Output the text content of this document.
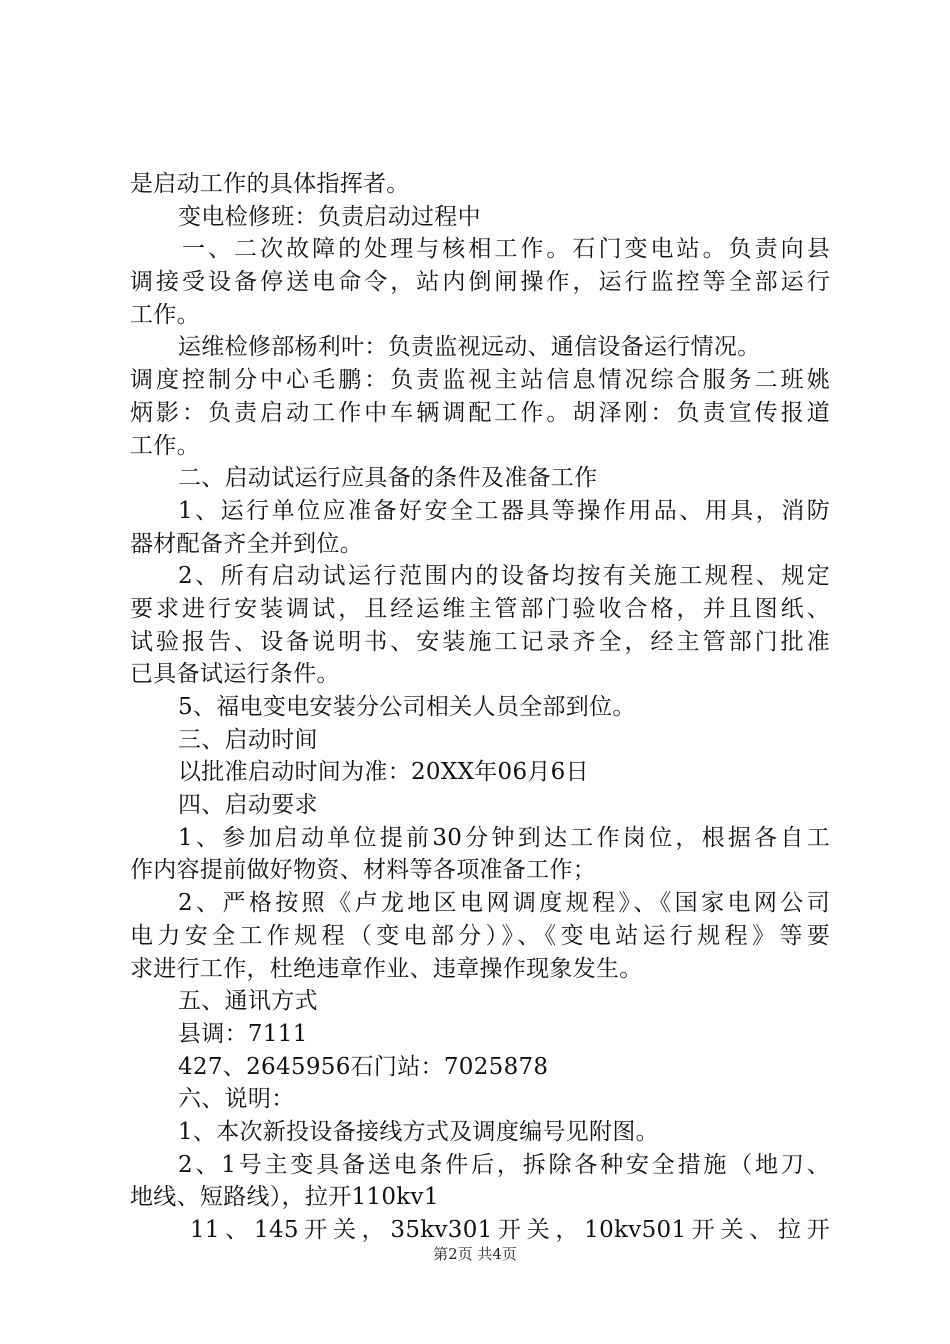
是启动工作的具体指挥者。
变电检修班：负责启动过程中
一、二次故障的处理与核相工作。石门变电站。负责向县
调接受设备停送电命令，站内倒闸操作，运行监控等全部运行
工作。
运维检修部杨利叶：负责监视远动、通信设备运行情况。
调度控制分中心毛鹏：负责监视主站信息情况综合服务二班姚
炳影：负责启动工作中车辆调配工作。胡泽刚：负责宣传报道
工作。
二、启动试运行应具备的条件及准备工作
1、运行单位应准备好安全工器具等操作用品、用具，消防
器材配备齐全并到位。
2、所有启动试运行范围内的设备均按有关施工规程、规定
要求进行安装调试，且经运维主管部门验收合格，并且图纸、
试验报告、设备说明书、安装施工记录齐全，经主管部门批准
已具备试运行条件。
5、福电变电安装分公司相关人员全部到位。
三、启动时间
以批准启动时间为准：20XX年06月6日
四、启动要求
1、参加启动单位提前30分钟到达工作岗位，根据各自工
作内容提前做好物资、材料等各项准备工作；
2、严格按照《卢龙地区电网调度规程》、《国家电网公司
电力安全工作规程（变电部分）》、《变电站运行规程》等要
求进行工作，杜绝违章作业、违章操作现象发生。
五、通讯方式
县调：7111
427、2645956石门站：7025878
六、说明：
1、本次新投设备接线方式及调度编号见附图。
2、1号主变具备送电条件后，拆除各种安全措施（地刀、
地线、短路线），拉开110kv1
11、145开关，35kv301开关，10kv501开关、拉开
第2页 共4页
